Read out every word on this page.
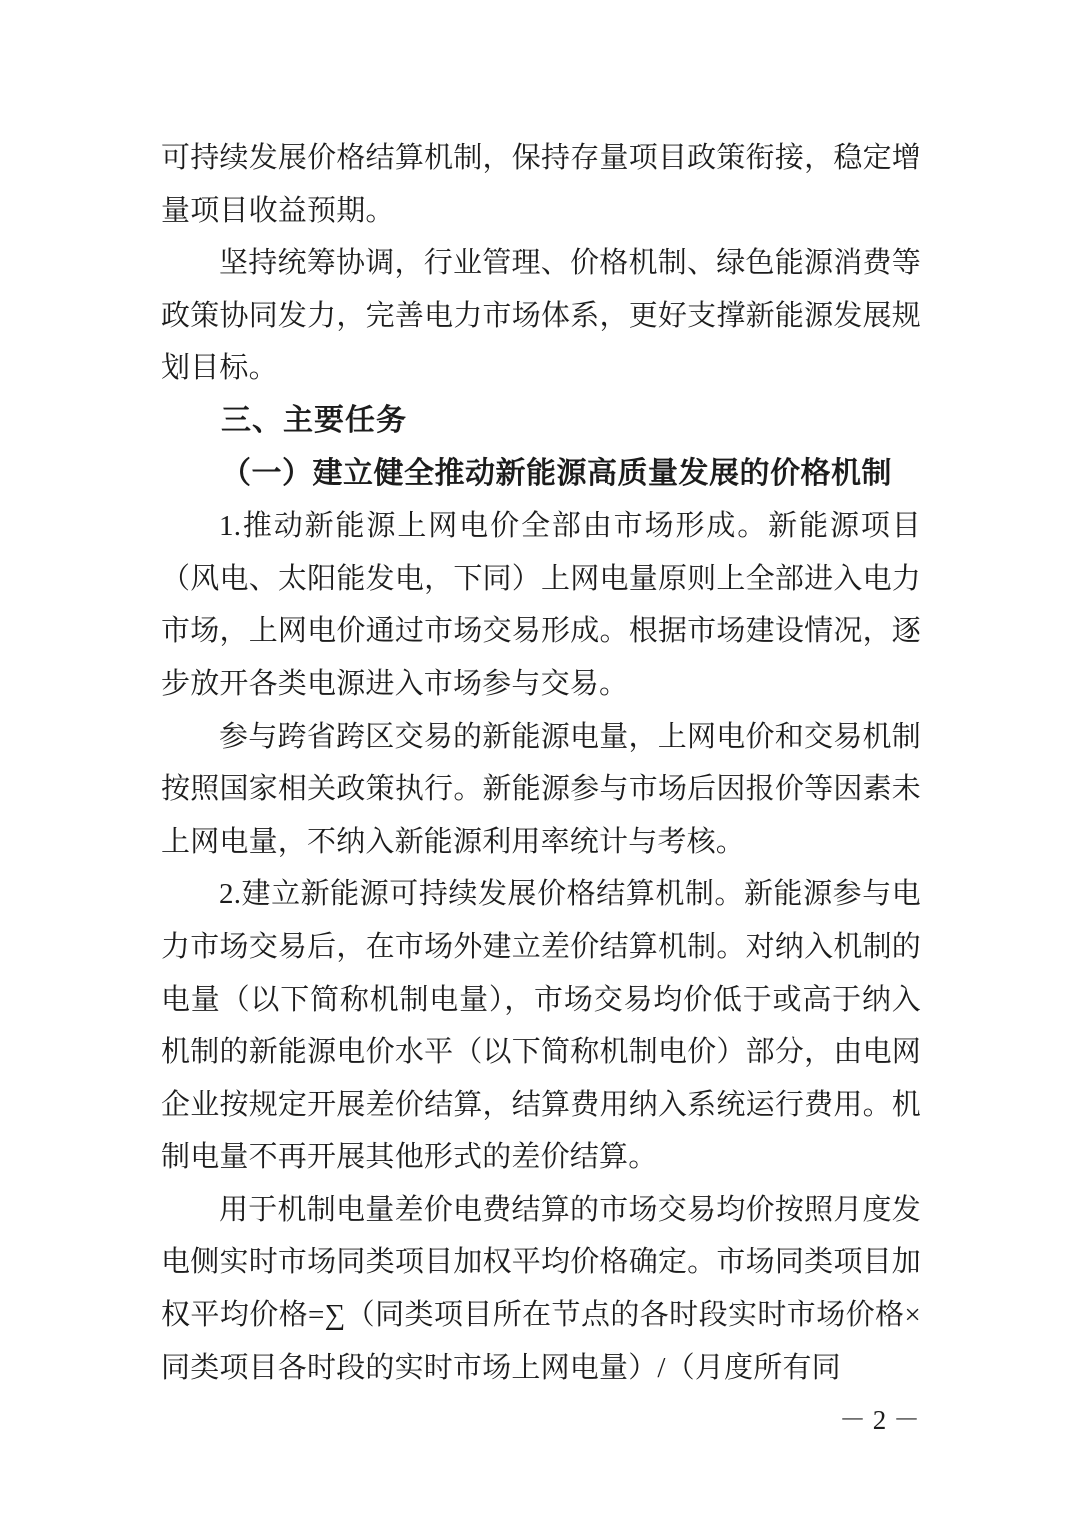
可持续发展价格结算机制，保持存量项目政策衔接，稳定增量项目收益预期。

坚持统筹协调，行业管理、价格机制、绿色能源消费等政策协同发力，完善电力市场体系，更好支撑新能源发展规划目标。

三、主要任务
（一）建立健全推动新能源高质量发展的价格机制

1.推动新能源上网电价全部由市场形成。新能源项目（风电、太阳能发电，下同）上网电量原则上全部进入电力市场，上网电价通过市场交易形成。根据市场建设情况，逐步放开各类电源进入市场参与交易。

参与跨省跨区交易的新能源电量，上网电价和交易机制按照国家相关政策执行。新能源参与市场后因报价等因素未上网电量，不纳入新能源利用率统计与考核。

2.建立新能源可持续发展价格结算机制。新能源参与电力市场交易后，在市场外建立差价结算机制。对纳入机制的电量（以下简称机制电量），市场交易均价低于或高于纳入机制的新能源电价水平（以下简称机制电价）部分，由电网企业按规定开展差价结算，结算费用纳入系统运行费用。机制电量不再开展其他形式的差价结算。

用于机制电量差价电费结算的市场交易均价按照月度发电侧实时市场同类项目加权平均价格确定。市场同类项目加权平均价格=∑（同类项目所在节点的各时段实时市场价格×同类项目各时段的实时市场上网电量）/（月度所有同

－ 2 －
